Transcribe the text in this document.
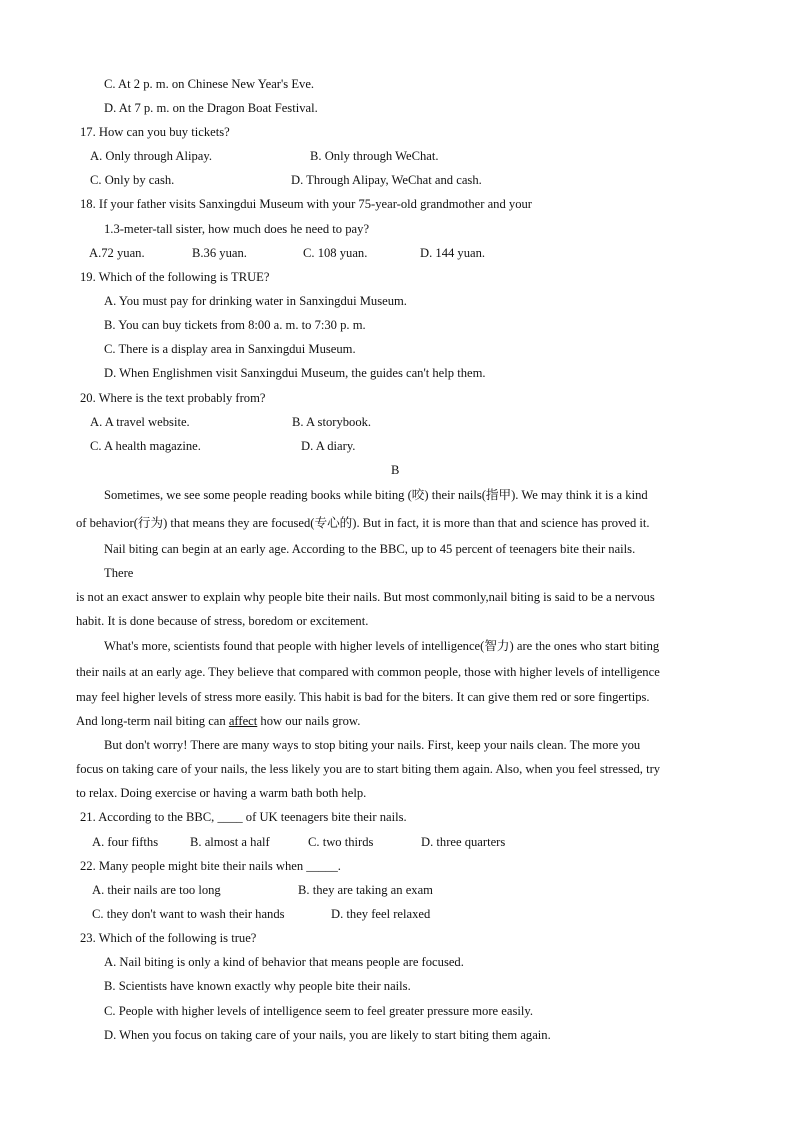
C. At 2 p. m. on Chinese New Year's Eve.
D. At 7 p. m. on the Dragon Boat Festival.
17. How can you buy tickets?
A. Only through Alipay.	B. Only through WeChat.
C. Only by cash.	D. Through Alipay, WeChat and cash.
18. If your father visits Sanxingdui Museum with your 75-year-old grandmother and your
1.3-meter-tall sister, how much does he need to pay?
A.72 yuan.	B.36 yuan.	C. 108 yuan.	D. 144 yuan.
19. Which of the following is TRUE?
A. You must pay for drinking water in Sanxingdui Museum.
B. You can buy tickets from 8:00 a. m. to 7:30 p. m.
C. There is a display area in Sanxingdui Museum.
D. When Englishmen visit Sanxingdui Museum, the guides can't help them.
20. Where is the text probably from?
A. A travel website.	B. A storybook.
C. A health magazine.	D. A diary.
B
Sometimes, we see some people reading books while biting (咬) their nails(指甲). We may think it is a kind
of behavior(行为) that means they are focused(专心的). But in fact, it is more than that and science has proved it.
Nail biting can begin at an early age. According to the BBC, up to 45 percent of teenagers bite their nails.
There
is not an exact answer to explain why people bite their nails. But most commonly,nail biting is said to be a nervous
habit. It is done because of stress, boredom or excitement.
What's more, scientists found that people with higher levels of intelligence(智力) are the ones who start biting
their nails at an early age. They believe that compared with common people, those with higher levels of intelligence
may feel higher levels of stress more easily. This habit is bad for the biters. It can give them red or sore fingertips.
And long-term nail biting can affect how our nails grow.
But don't worry! There are many ways to stop biting your nails. First, keep your nails clean. The more you
focus on taking care of your nails, the less likely you are to start biting them again. Also, when you feel stressed, try
to relax. Doing exercise or having a warm bath both help.
21. According to the BBC, ____ of UK teenagers bite their nails.
A. four fifths	B. almost a half	C. two thirds	D. three quarters
22. Many people might bite their nails when _____.
A. their nails are too long	B. they are taking an exam
C. they don't want to wash their hands	D. they feel relaxed
23. Which of the following is true?
A. Nail biting is only a kind of behavior that means people are focused.
B. Scientists have known exactly why people bite their nails.
C. People with higher levels of intelligence seem to feel greater pressure more easily.
D. When you focus on taking care of your nails, you are likely to start biting them again.
